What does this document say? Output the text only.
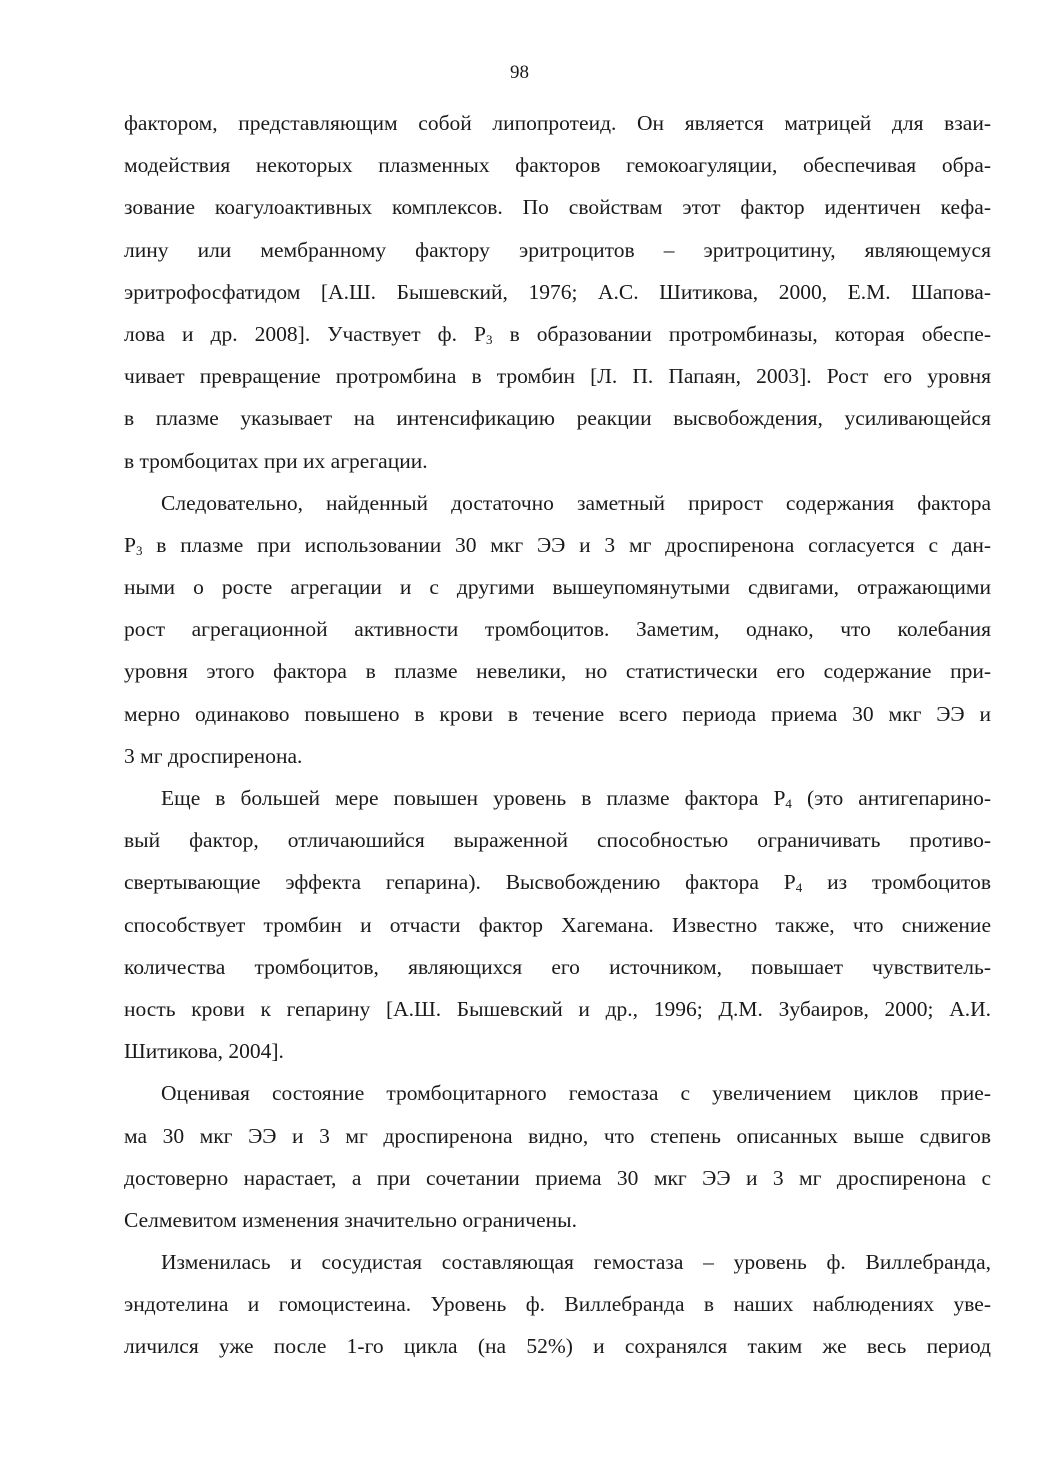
98
фактором, представляющим собой липопротеид. Он является матрицей для взаи-
модействия некоторых плазменных факторов гемокоагуляции, обеспечивая обра-
зование коагулоактивных комплексов. По свойствам этот фактор идентичен кефа-
лину или мембранному фактору эритроцитов – эритроцитину, являющемуся
эритрофосфатидом [А.Ш. Бышевский, 1976; А.С. Шитикова, 2000, Е.М. Шапова-
лова и др. 2008]. Участвует ф. $Р_3$ в образовании протромбиназы, которая обеспе-
чивает превращение протромбина в тромбин [Л. П. Папаян, 2003]. Рост его уровня
в плазме указывает на интенсификацию реакции высвобождения, усиливающейся
в тромбоцитах при их агрегации.
Следовательно, найденный достаточно заметный прирост содержания фактора
$Р_3$ в плазме при использовании 30 мкг ЭЭ и 3 мг дроспиренона согласуется с дан-
ными о росте агрегации и с другими вышеупомянутыми сдвигами, отражающими
рост агрегационной активности тромбоцитов. Заметим, однако, что колебания
уровня этого фактора в плазме невелики, но статистически его содержание при-
мерно одинаково повышено в крови в течение всего периода приема 30 мкг ЭЭ и
3 мг дроспиренона.
Еще в большей мере повышен уровень в плазме фактора $Р_4$ (это антигепарино-
вый фактор, отличаюшийся выраженной способностью ограничивать противо-
свертывающие эффекта гепарина). Высвобождению фактора $Р_4$ из тромбоцитов
способствует тромбин и отчасти фактор Хагемана. Известно также, что снижение
количества тромбоцитов, являющихся его источником, повышает чувствитель-
ность крови к гепарину [А.Ш. Бышевский и др., 1996; Д.М. Зубаиров, 2000; А.И.
Шитикова, 2004].
Оценивая состояние тромбоцитарного гемостаза с увеличением циклов прие-
ма 30 мкг ЭЭ и 3 мг дроспиренона видно, что степень описанных выше сдвигов
достоверно нарастает, а при сочетании приема 30 мкг ЭЭ и 3 мг дроспиренона с
Селмевитом изменения значительно ограничены.
Изменилась и сосудистая составляющая гемостаза – уровень ф. Виллебранда,
эндотелина и гомоцистеина. Уровень ф. Виллебранда в наших наблюдениях уве-
личился уже после 1-го цикла (на 52%) и сохранялся таким же весь период
